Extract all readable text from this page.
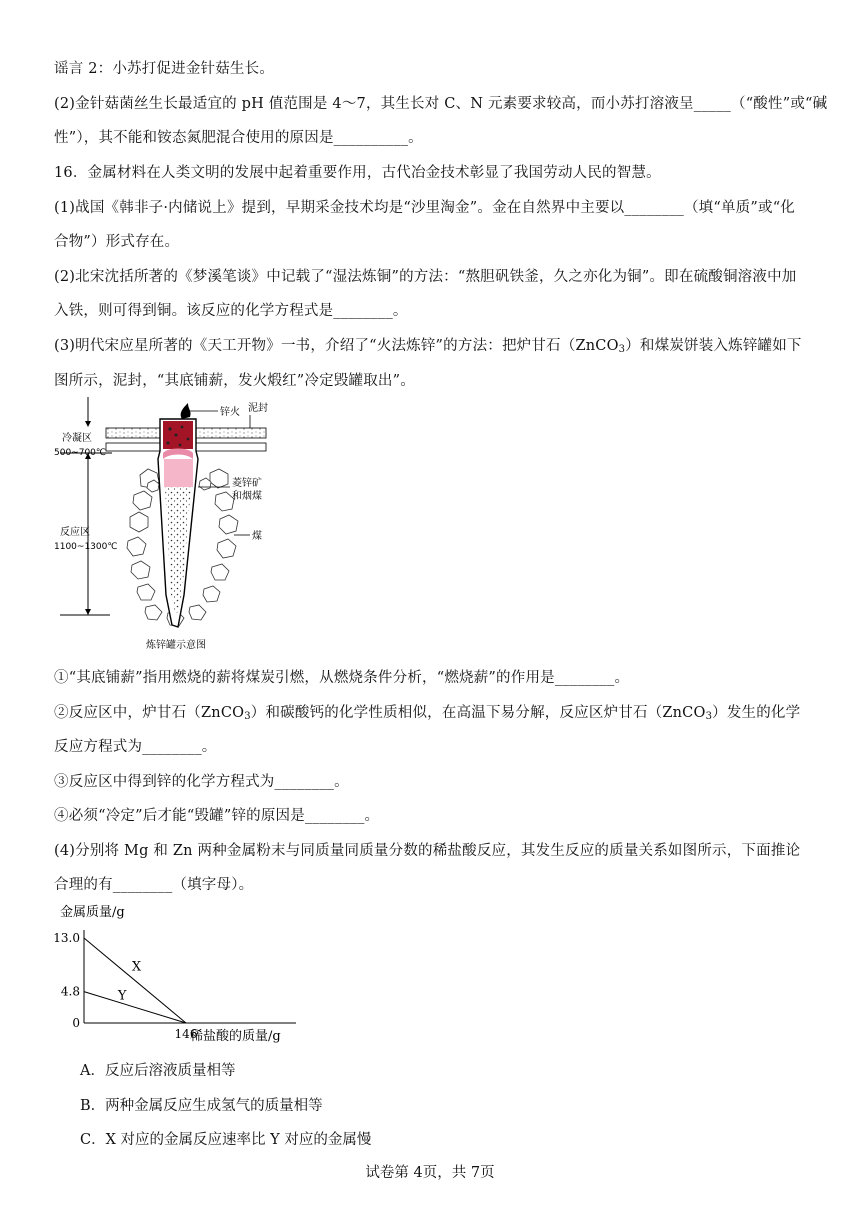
谣言 2：小苏打促进金针菇生长。
(2)金针菇菌丝生长最适宜的 pH 值范围是 4～7，其生长对 C、N 元素要求较高，而小苏打溶液呈_____（“酸性”或“碱
性”），其不能和铵态氮肥混合使用的原因是__________。
16．金属材料在人类文明的发展中起着重要作用，古代冶金技术彰显了我国劳动人民的智慧。
(1)战国《韩非子·内储说上》提到，早期采金技术均是“沙里淘金”。金在自然界中主要以________（填“单质”或“化
合物”）形式存在。
(2)北宋沈括所著的《梦溪笔谈》中记载了“湿法炼铜”的方法：“熬胆矾铁釜，久之亦化为铜”。即在硫酸铜溶液中加
入铁，则可得到铜。该反应的化学方程式是________。
(3)明代宋应星所著的《天工开物》一书，介绍了“火法炼锌”的方法：把炉甘石（ZnCO$_3$）和煤炭饼装入炼锌罐如下
图所示，泥封，“其底铺薪，发火煅红”冷定毁罐取出”。
锌火 泥封
冷凝区
500~700℃
菱锌矿
和烟煤
煤
反应区
1100~1300℃
炼锌罐示意图
①“其底铺薪”指用燃烧的薪将煤炭引燃，从燃烧条件分析，“燃烧薪”的作用是________。
②反应区中，炉甘石（ZnCO$_3$）和碳酸钙的化学性质相似，在高温下易分解，反应区炉甘石（ZnCO$_3$）发生的化学
反应方程式为________。
③反应区中得到锌的化学方程式为________。
④必须“冷定”后才能“毁罐”锌的原因是________。
(4)分别将 Mg 和 Zn 两种金属粉末与同质量同质量分数的稀盐酸反应，其发生反应的质量关系如图所示，下面推论
合理的有________（填字母）。
金属质量/g
稀盐酸的质量/g
13.0
4.8
0
146
X
Y
A．反应后溶液质量相等
B．两种金属反应生成氢气的质量相等
C．X 对应的金属反应速率比 Y 对应的金属慢
试卷第 4页，共 7页
